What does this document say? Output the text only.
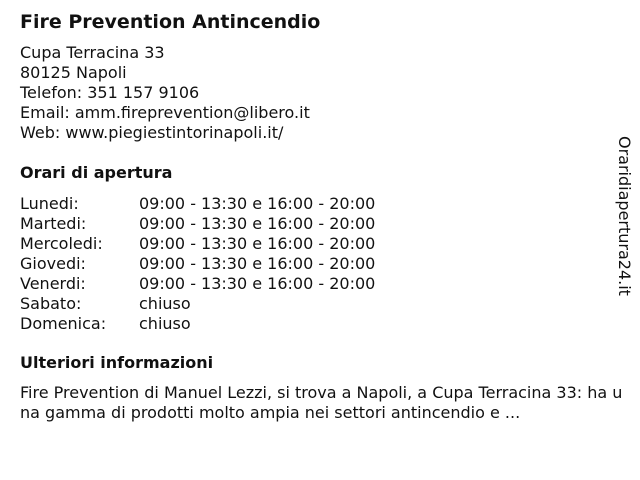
Fire Prevention Antincendio
Cupa Terracina 33
80125 Napoli
Telefon: 351 157 9106
Email: amm.fireprevention@libero.it
Web: www.piegiestintorinapoli.it/
Orari di apertura
Lunedi:	09:00 - 13:30 e 16:00 - 20:00
Martedi:	09:00 - 13:30 e 16:00 - 20:00
Mercoledi:	09:00 - 13:30 e 16:00 - 20:00
Giovedi:	09:00 - 13:30 e 16:00 - 20:00
Venerdi:	09:00 - 13:30 e 16:00 - 20:00
Sabato:	chiuso
Domenica:	chiuso
Ulteriori informazioni
Fire Prevention di Manuel Lezzi, si trova a Napoli, a Cupa Terracina 33: ha una gamma di prodotti molto ampia nei settori antincendio e ...
Oraridiapertura24.it
